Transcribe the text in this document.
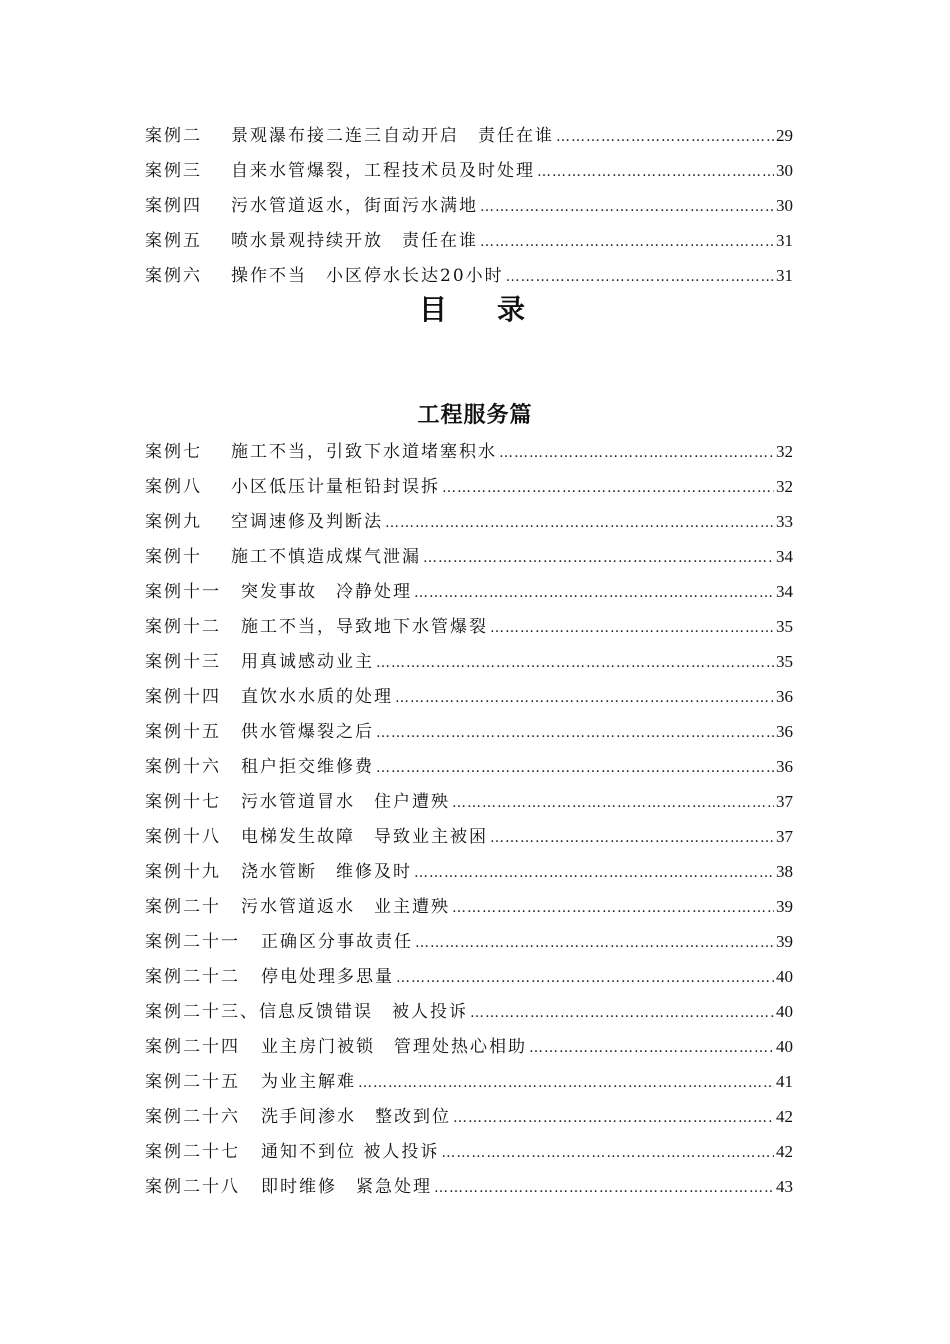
案例二	景观瀑布接二连三自动开启　责任在谁 …………………………………………………………………………………………………………………………………………………………	29
案例三	自来水管爆裂，工程技术员及时处理 …………………………………………………………………………………………………………………………………………………………	30
案例四	污水管道返水，街面污水满地 …………………………………………………………………………………………………………………………………………………………	30
案例五	喷水景观持续开放　责任在谁 …………………………………………………………………………………………………………………………………………………………	31
案例六	操作不当　小区停水长达20小时 …………………………………………………………………………………………………………………………………………………………	31
目录
工程服务篇
案例七	施工不当，引致下水道堵塞积水 …………………………………………………………………………………………………………………………………………………………	32
案例八	小区低压计量柜铅封误拆 …………………………………………………………………………………………………………………………………………………………	32
案例九	空调速修及判断法 …………………………………………………………………………………………………………………………………………………………	33
案例十	施工不慎造成煤气泄漏 …………………………………………………………………………………………………………………………………………………………	34
案例十一	突发事故　冷静处理 …………………………………………………………………………………………………………………………………………………………	34
案例十二	施工不当，导致地下水管爆裂 …………………………………………………………………………………………………………………………………………………………	35
案例十三	用真诚感动业主 …………………………………………………………………………………………………………………………………………………………	35
案例十四	直饮水水质的处理 …………………………………………………………………………………………………………………………………………………………	36
案例十五	供水管爆裂之后 …………………………………………………………………………………………………………………………………………………………	36
案例十六	租户拒交维修费 …………………………………………………………………………………………………………………………………………………………	36
案例十七	污水管道冒水　住户遭殃 …………………………………………………………………………………………………………………………………………………………	37
案例十八	电梯发生故障　导致业主被困 …………………………………………………………………………………………………………………………………………………………	37
案例十九	浇水管断　维修及时 …………………………………………………………………………………………………………………………………………………………	38
案例二十	污水管道返水　业主遭殃 …………………………………………………………………………………………………………………………………………………………	39
案例二十一	正确区分事故责任 …………………………………………………………………………………………………………………………………………………………	39
案例二十二	停电处理多思量 …………………………………………………………………………………………………………………………………………………………	40
案例二十三、 信息反馈错误　被人投诉 …………………………………………………………………………………………………………………………………………………………	40
案例二十四	业主房门被锁　管理处热心相助 …………………………………………………………………………………………………………………………………………………………	40
案例二十五	为业主解难 …………………………………………………………………………………………………………………………………………………………	41
案例二十六	洗手间渗水　整改到位 …………………………………………………………………………………………………………………………………………………………	42
案例二十七	通知不到位 被人投诉 …………………………………………………………………………………………………………………………………………………………	42
案例二十八	即时维修　紧急处理 …………………………………………………………………………………………………………………………………………………………	43
